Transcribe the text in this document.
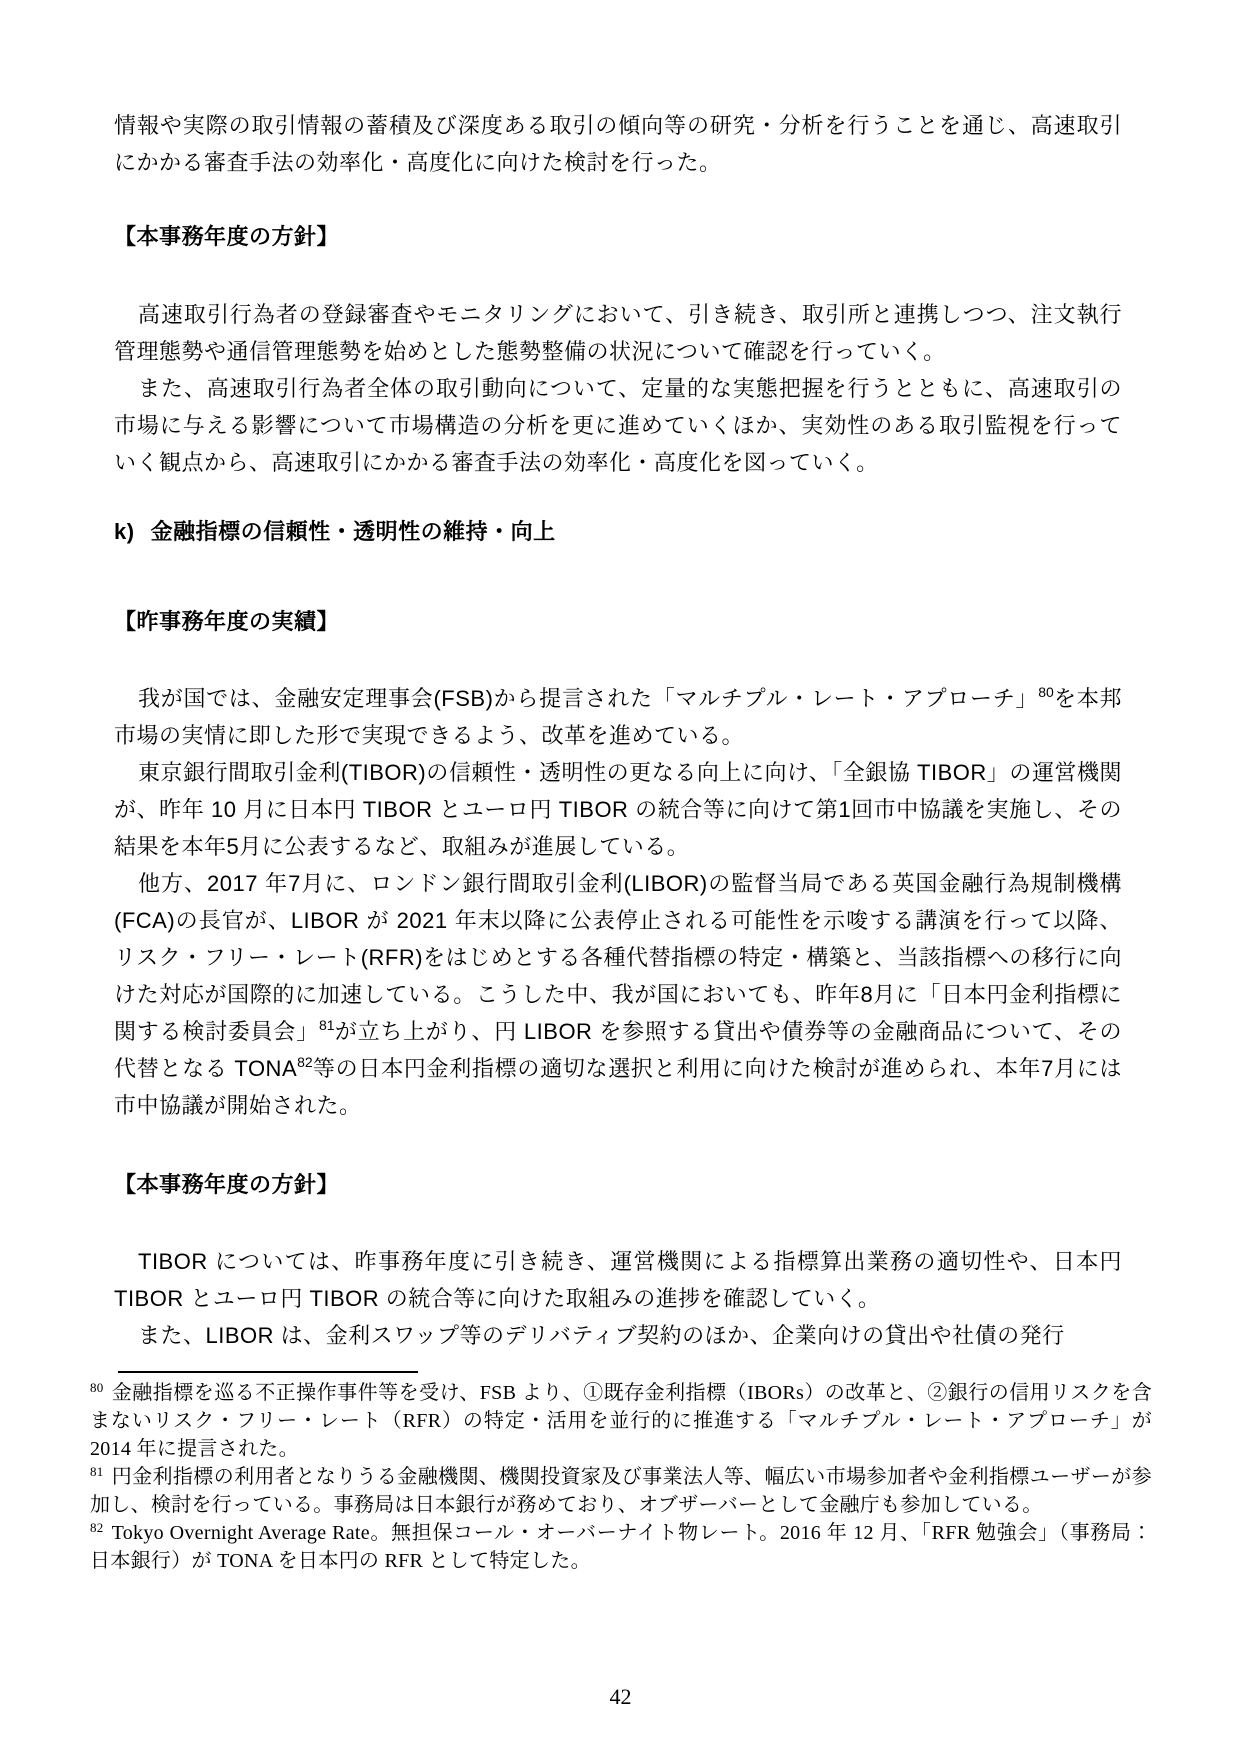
情報や実際の取引情報の蓄積及び深度ある取引の傾向等の研究・分析を行うことを通じ、高速取引にかかる審査手法の効率化・高度化に向けた検討を行った。

【本事務年度の方針】

高速取引行為者の登録審査やモニタリングにおいて、引き続き、取引所と連携しつつ、注文執行管理態勢や通信管理態勢を始めとした態勢整備の状況について確認を行っていく。

また、高速取引行為者全体の取引動向について、定量的な実態把握を行うとともに、高速取引の市場に与える影響について市場構造の分析を更に進めていくほか、実効性のある取引監視を行っていく観点から、高速取引にかかる審査手法の効率化・高度化を図っていく。

k) 金融指標の信頼性・透明性の維持・向上

【昨事務年度の実績】

我が国では、金融安定理事会(FSB)から提言された「マルチプル・レート・アプローチ」$^{80}$を本邦市場の実情に即した形で実現できるよう、改革を進めている。

東京銀行間取引金利(TIBOR)の信頼性・透明性の更なる向上に向け、「全銀協 TIBOR」の運営機関が、昨年 10 月に日本円 TIBOR とユーロ円 TIBOR の統合等に向けて第1回市中協議を実施し、その結果を本年5月に公表するなど、取組みが進展している。

他方、2017 年7月に、ロンドン銀行間取引金利(LIBOR)の監督当局である英国金融行為規制機構(FCA)の長官が、LIBOR が 2021 年末以降に公表停止される可能性を示唆する講演を行って以降、リスク・フリー・レート(RFR)をはじめとする各種代替指標の特定・構築と、当該指標への移行に向けた対応が国際的に加速している。こうした中、我が国においても、昨年8月に「日本円金利指標に関する検討委員会」$^{81}$が立ち上がり、円 LIBOR を参照する貸出や債券等の金融商品について、その代替となる TONA$^{82}$等の日本円金利指標の適切な選択と利用に向けた検討が進められ、本年7月には市中協議が開始された。

【本事務年度の方針】

TIBOR については、昨事務年度に引き続き、運営機関による指標算出業務の適切性や、日本円 TIBOR とユーロ円 TIBOR の統合等に向けた取組みの進捗を確認していく。

また、LIBOR は、金利スワップ等のデリバティブ契約のほか、企業向けの貸出や社債の発行

$^{80}$ 金融指標を巡る不正操作事件等を受け、FSB より、①既存金利指標（IBORs）の改革と、②銀行の信用リスクを含まないリスク・フリー・レート（RFR）の特定・活用を並行的に推進する「マルチプル・レート・アプローチ」が 2014 年に提言された。

$^{81}$ 円金利指標の利用者となりうる金融機関、機関投資家及び事業法人等、幅広い市場参加者や金利指標ユーザーが参加し、検討を行っている。事務局は日本銀行が務めており、オブザーバーとして金融庁も参加している。

$^{82}$ Tokyo Overnight Average Rate。無担保コール・オーバーナイト物レート。2016 年 12 月、「RFR 勉強会」（事務局：日本銀行）が TONA を日本円の RFR として特定した。

42
